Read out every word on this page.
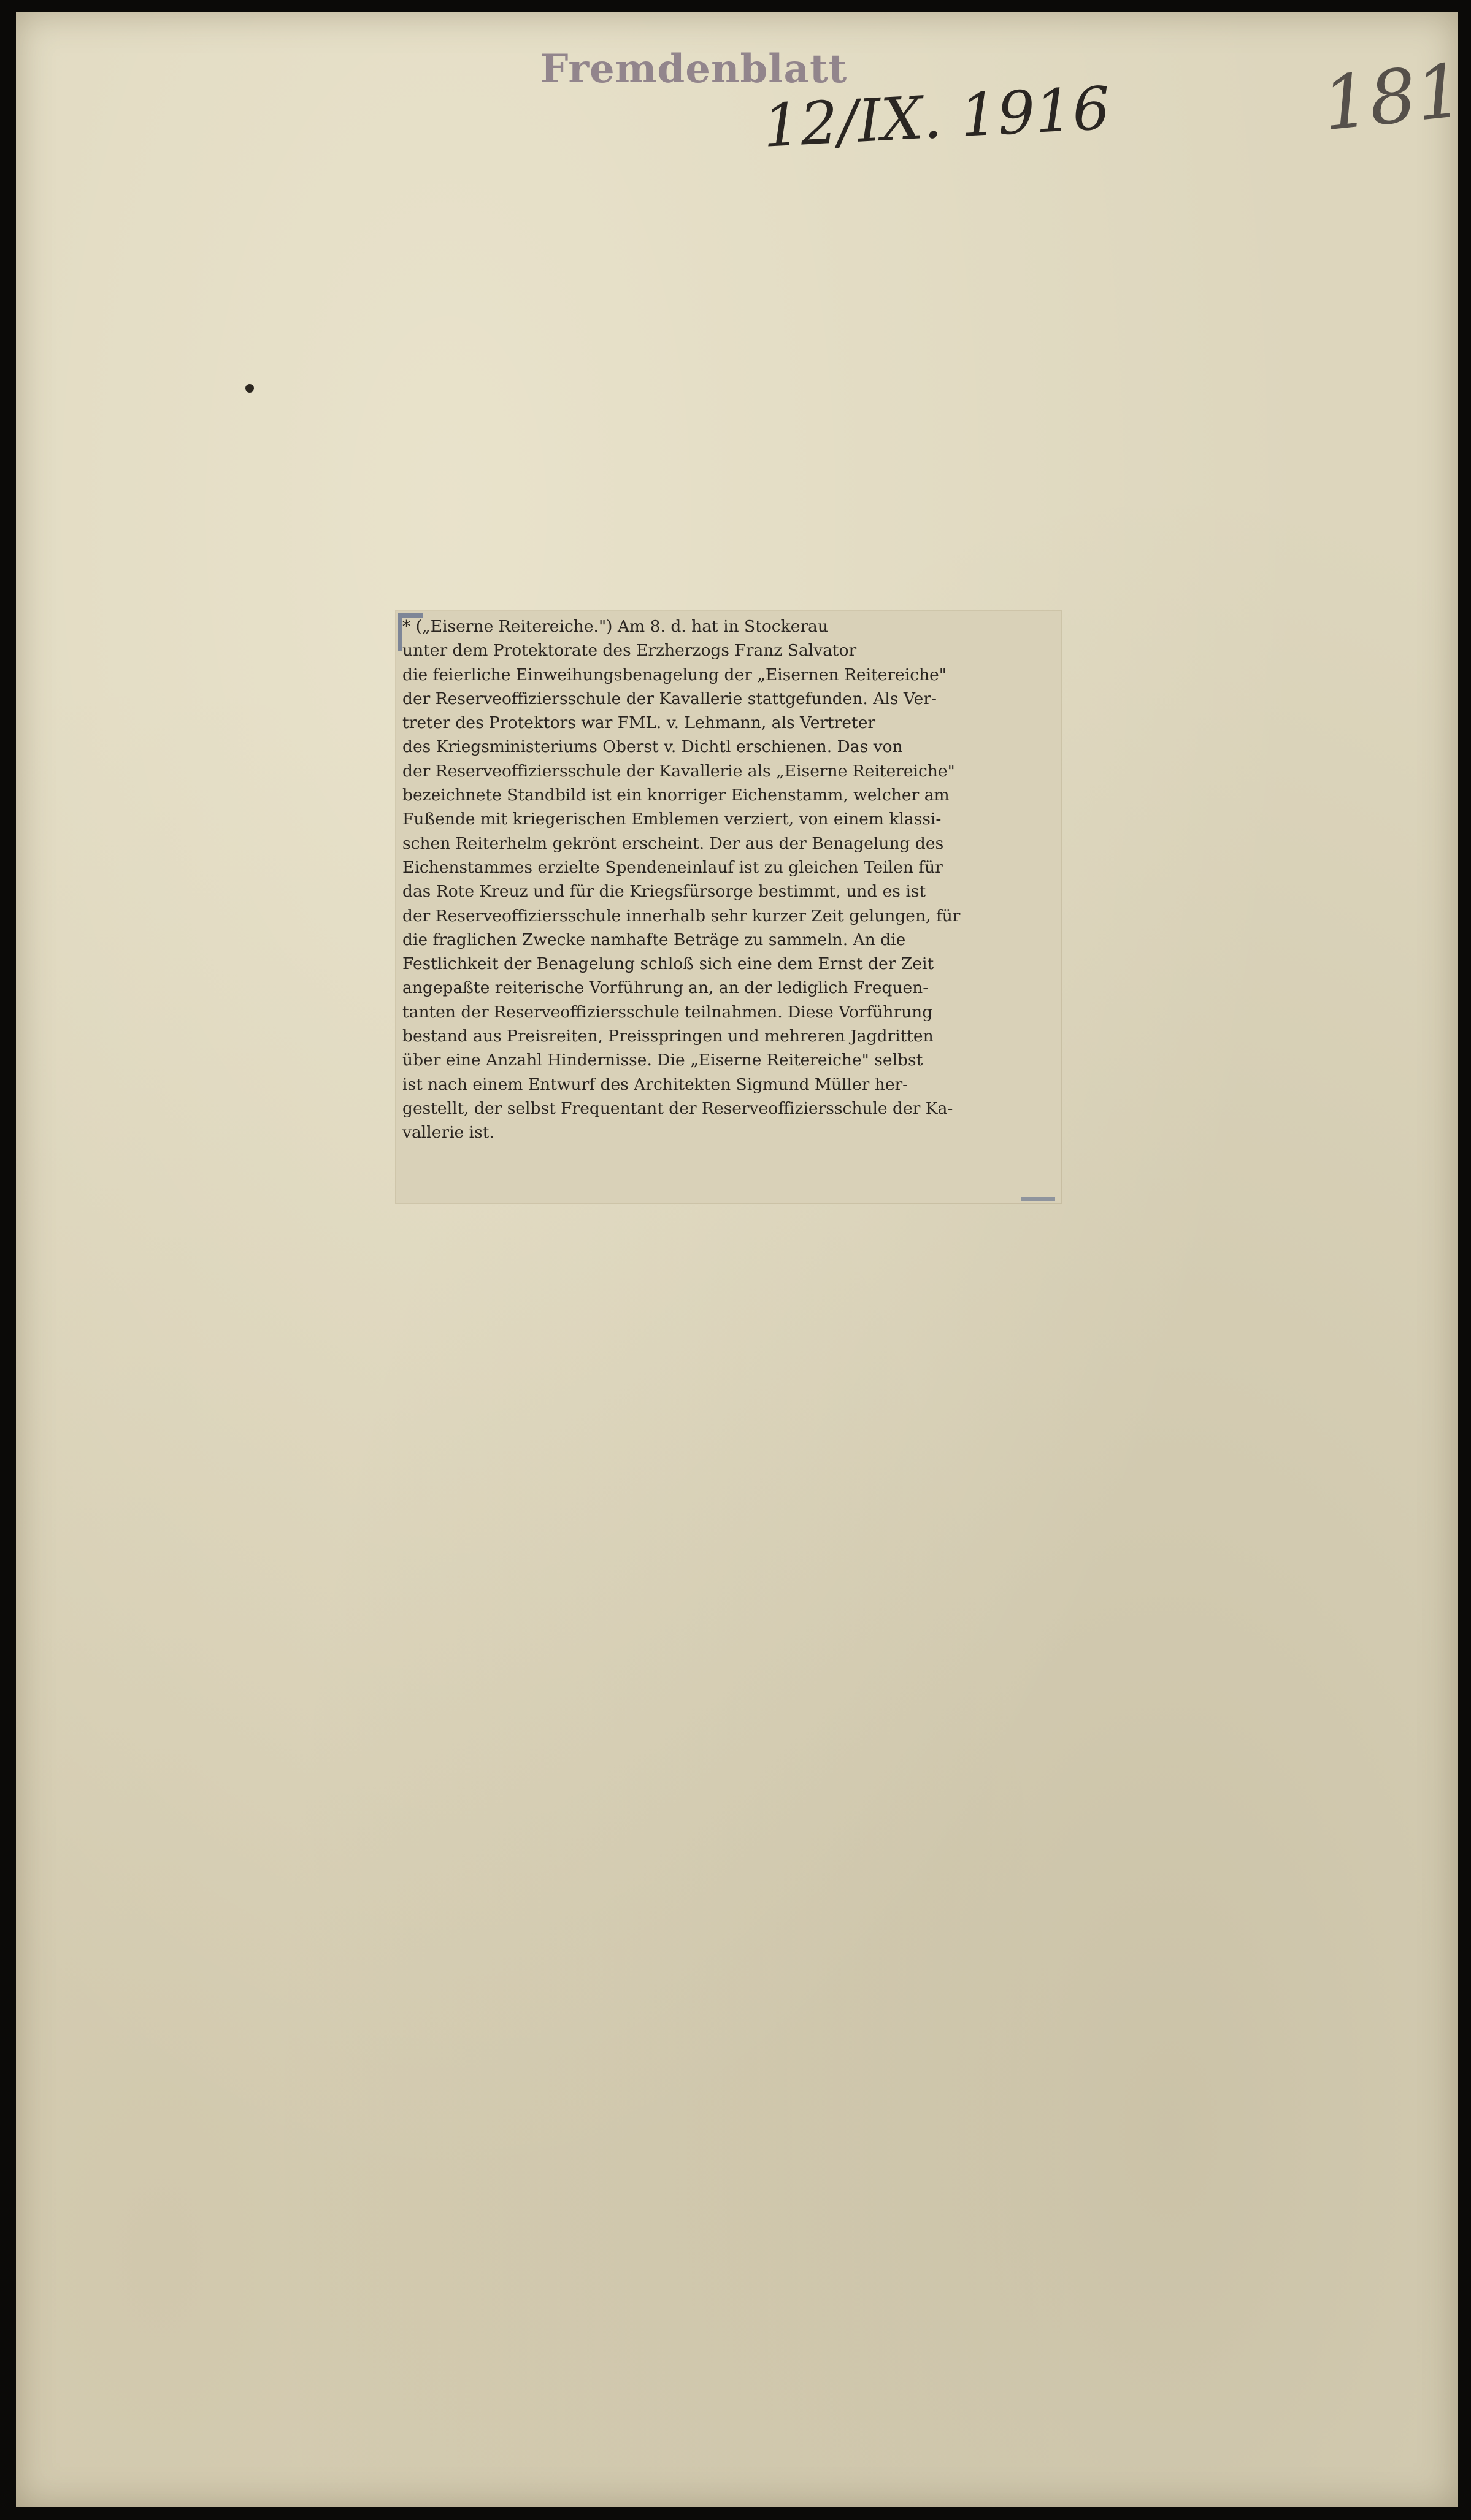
Fremdenblatt
12/IX. 1916	181

* („Eiserne Reitereiche.") Am 8. d. hat in Stockerau
unter dem Protektorate des Erzherzogs Franz Salvator
die feierliche Einweihungsbenagelung der „Eisernen Reitereiche"
der Reserveoffiziersschule der Kavallerie stattgefunden. Als Ver-
treter des Protektors war FML. v. Lehmann, als Vertreter
des Kriegsministeriums Oberst v. Dichtl erschienen. Das von
der Reserveoffiziersschule der Kavallerie als „Eiserne Reitereiche"
bezeichnete Standbild ist ein knorriger Eichenstamm, welcher am
Fußende mit kriegerischen Emblemen verziert, von einem klassi-
schen Reiterhelm gekrönt erscheint. Der aus der Benagelung des
Eichenstammes erzielte Spendeneinlauf ist zu gleichen Teilen für
das Rote Kreuz und für die Kriegsfürsorge bestimmt, und es ist
der Reserveoffiziersschule innerhalb sehr kurzer Zeit gelungen, für
die fraglichen Zwecke namhafte Beträge zu sammeln. An die
Festlichkeit der Benagelung schloß sich eine dem Ernst der Zeit
angepaßte reiterische Vorführung an, an der lediglich Frequen-
tanten der Reserveoffiziersschule teilnahmen. Diese Vorführung
bestand aus Preisreiten, Preisspringen und mehreren Jagdritten
über eine Anzahl Hindernisse. Die „Eiserne Reitereiche" selbst
ist nach einem Entwurf des Architekten Sigmund Müller her-
gestellt, der selbst Frequentant der Reserveoffiziersschule der Ka-
vallerie ist.
